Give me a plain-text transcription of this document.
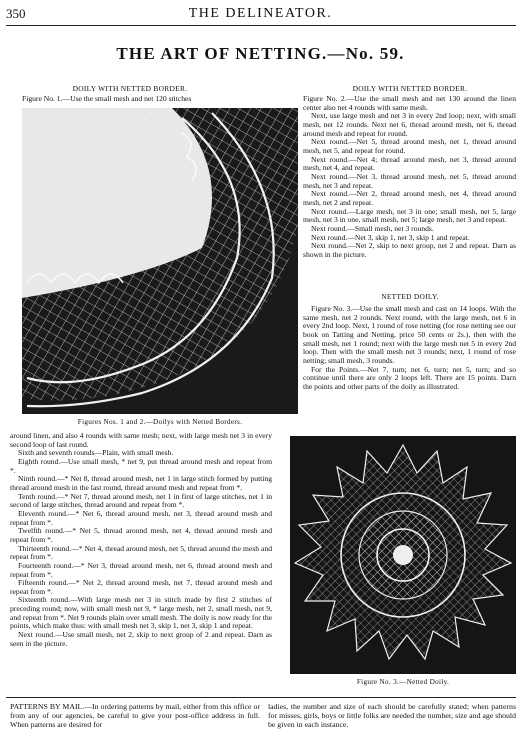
350	THE DELINEATOR.
THE ART OF NETTING.—No. 59.
DOILY WITH NETTED BORDER.

Figure No. 1.—Use the small mesh and net 120 stitches

Figures Nos. 1 and 2.—Doilys with Netted Borders.
DOILY WITH NETTED BORDER.

Figure No. 2.—Use the small mesh and net 130 around the linen center also net 4 rounds with same mesh.

Next, use large mesh and net 3 in every 2nd loop; next, with small mesh, net 12 rounds. Next net 6, thread around mesh, net 6, thread around mesh and repeat for round.

Next round.—Net 5, thread around mesh, net 1, thread around mesh, net 5, and repeat for round.

Next round.—Net 4; thread around mesh, net 3, thread around mesh, net 4, and repeat.

Next round.—Net 3, thread around mesh, net 5, thread around mesh, net 3 and repeat.

Next round.—Net 2, thread around mesh, net 4, thread around mesh, net 2 and repeat.

Next round.—Large mesh, net 3 in one; small mesh, net 5, large mesh, net 3 in one, small mesh, net 5; large mesh, net 3 and repeat.

Next round.—Small mesh, net 3 rounds.

Next round.—Net 3, skip 1, net 3, skip 1 and repeat.

Next round.—Net 2, skip to next group, net 2 and repeat. Darn as shown in the picture.

NETTED DOILY.

Figure No. 3.—Use the small mesh and cast on 14 loops. With the same mesh, net 2 rounds. Next round, with the large mesh, net 6 in every 2nd loop. Next, 1 round of rose netting (for rose netting see our book on Tatting and Netting, price 50 cents or 2s.), then with the small mesh, net 1 round; next with the large mesh net 5 in every 2nd loop. Then with the small mesh net 3 rounds; next, 1 round of rose netting; small mesh, 3 rounds.

For the Points.—Net 7, turn; net 6, turn; net 5, turn; and so continue until there are only 2 loops left. There are 15 points. Darn the points and other parts of the doily as illustrated.

around linen, and also 4 rounds with same mesh; next, with large mesh net 3 in every second loop of last round.

Sixth and seventh rounds—Plain, with small mesh.

Eighth round.—Use small mesh, * net 9, put thread around mesh and repeat from *.

Ninth round.—* Net 8, thread around mesh, net 1 in large stitch formed by putting thread around mesh in the last round, thread around mesh and repeat from *.

Tenth round.—* Net 7, thread around mesh, net 1 in first of large stitches, net 1 in second of large stitches, thread around and repeat from *.

Eleventh round.—* Net 6, thread around mesh, net 3, thread around mesh and repeat from *.

Twelfth round.—* Net 5, thread around mesh, net 4, thread around mesh and repeat from *.

Thirteenth round.—* Net 4, thread around mesh, net 5, thread around the mesh and repeat from *.

Fourteenth round.—* Net 3, thread around mesh, net 6, thread around mesh and repeat from *.

Fifteenth round.—* Net 2, thread around mesh, net 7, thread around mesh and repeat from *.

Sixteenth round.—With large mesh net 3 in stitch made by first 2 stitches of preceding round; now, with small mesh net 9, * large mesh, net 2, small mesh, net 9, and repeat from *. Net 9 rounds plain over small mesh. The doily is now ready for the points, which make thus: with small mesh net 3, skip 1, net 3, skip 1 and repeat.

Next round.—Use small mesh, net 2, skip to next group of 2 and repeat. Darn as seen in the picture.

Figure No. 3.—Netted Doily.
PATTERNS BY MAIL.—In ordering patterns by mail, either from this office or from any of our agencies, be careful to give your post-office address in full. When patterns are desired for
ladies, the number and size of each should be carefully stated; when patterns for misses, girls, boys or little folks are needed the number, size and age should be given in each instance.
